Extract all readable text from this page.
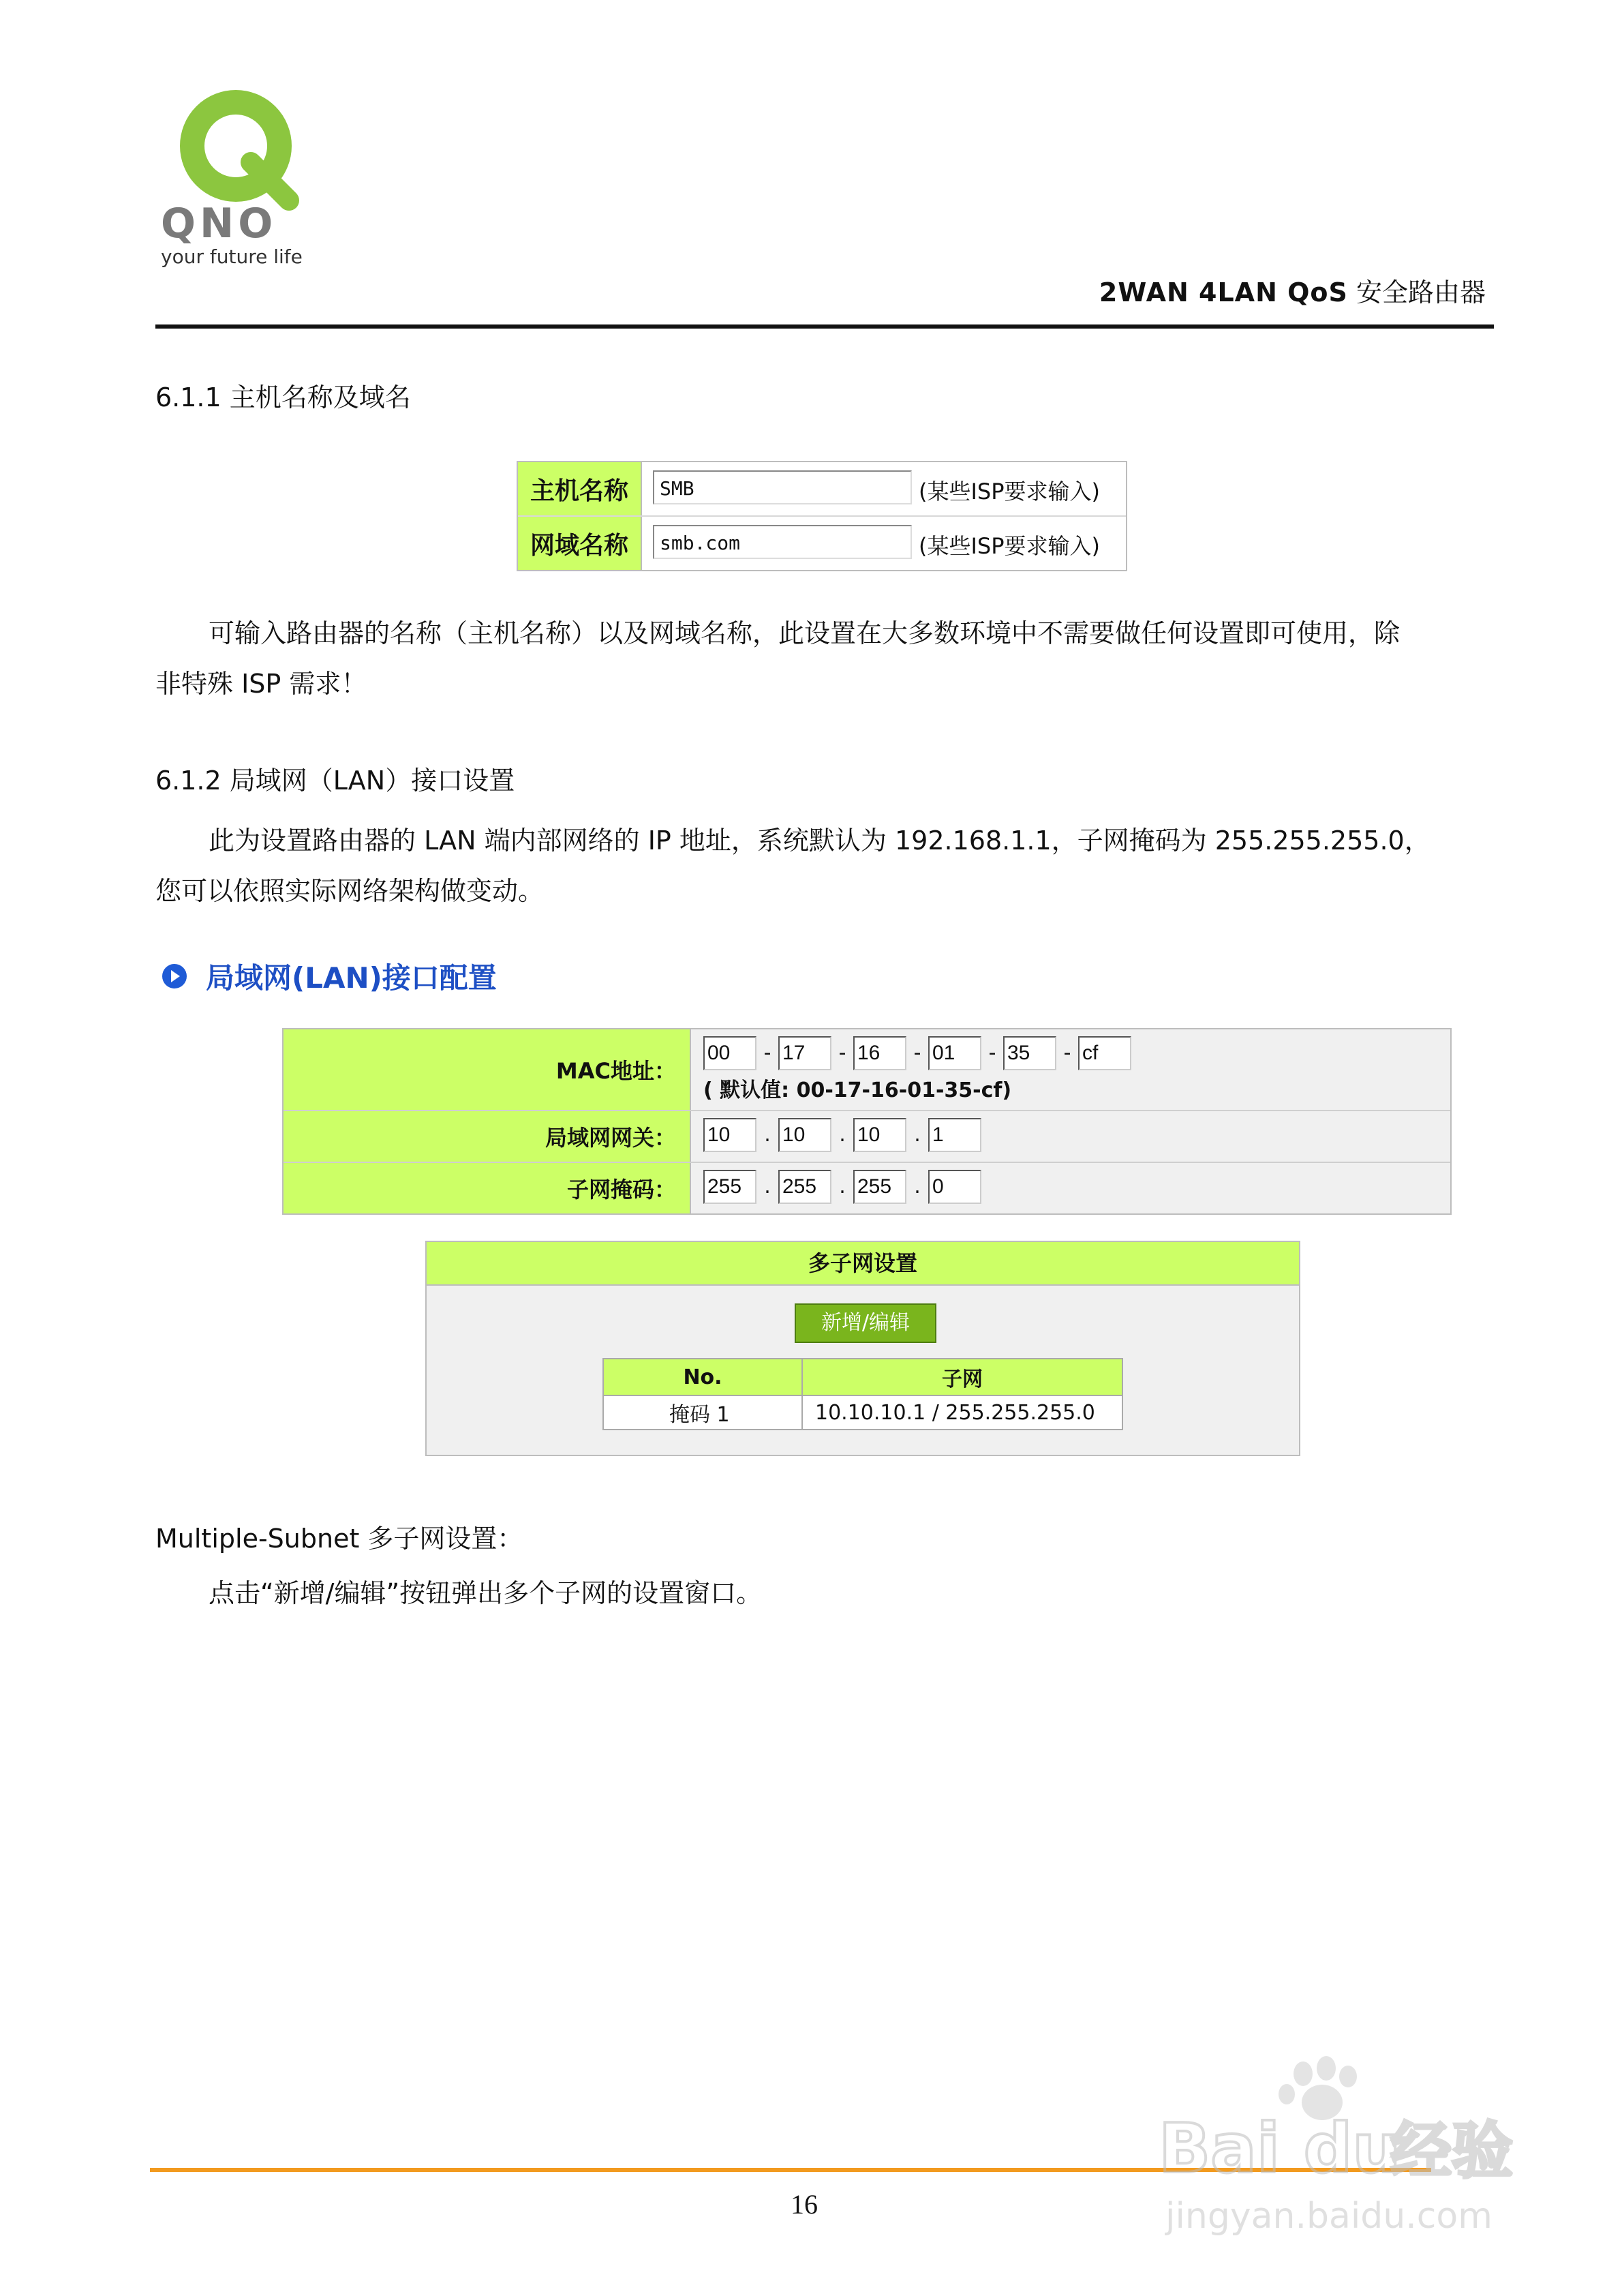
QNO
your future life
2WAN 4LAN QoS 安全路由器
6.1.1 主机名称及域名
主机名称	SMB	(某些ISP要求输入)
网域名称	smb.com	(某些ISP要求输入)
可输入路由器的名称（主机名称）以及网域名称，此设置在大多数环境中不需要做任何设置即可使用，除
非特殊 ISP 需求！
6.1.2 局域网（LAN）接口设置
此为设置路由器的 LAN 端内部网络的 IP 地址，系统默认为 192.168.1.1，子网掩码为 255.255.255.0，
您可以依照实际网络架构做变动。
局域网(LAN)接口配置
MAC地址：
00	- 17	- 16	- 01	- 35	- cf
( 默认值: 00-17-16-01-35-cf)
局域网网关：	10	. 10	. 10	. 1
子网掩码：	255	. 255	. 255	. 0
多子网设置
新增/编辑
No.	子网
掩码 1	10.10.10.1 / 255.255.255.0
Multiple-Subnet 多子网设置：
点击“新增/编辑”按钮弹出多个子网的设置窗口。
16
Bai du
经验
jingyan.baidu.com
